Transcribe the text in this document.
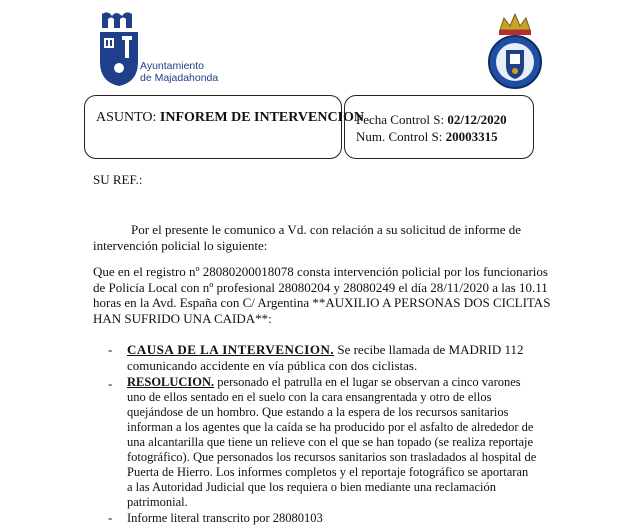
Ayuntamiento
de Majadahonda
ASUNTO: INFOREM DE INTERVENCION
Fecha Control S: 02/12/2020
Num. Control S: 20003315
SU REF.:
Por el presente le comunico a Vd. con relación a su solicitud de informe de
intervención policial lo siguiente:
Que en el registro nº 28080200018078 consta intervención policial por los funcionarios
de Policía Local con nº profesional 28080204 y 28080249 el día 28/11/2020 a las 10.11
horas en la Avd. España con C/ Argentina **AUXILIO A PERSONAS DOS CICLITAS
HAN SUFRIDO UNA CAIDA**:
- CAUSA DE LA INTERVENCION. Se recibe llamada de MADRID 112
comunicando accidente en vía pública con dos ciclistas.
- RESOLUCION. personado el patrulla en el lugar se observan a cinco varones
uno de ellos sentado en el suelo con la cara ensangrentada y otro de ellos
quejándose de un hombro. Que estando a la espera de los recursos sanitarios
informan a los agentes que la caída se ha producido por el asfalto de alrededor de
una alcantarilla que tiene un relieve con el que se han topado (se realiza reportaje
fotográfico). Que personados los recursos sanitarios son trasladados al hospital de
Puerta de Hierro. Los informes completos y el reportaje fotográfico se aportaran
a las Autoridad Judicial que los requiera o bien mediante una reclamación
patrimonial.
- Informe literal transcrito por 28080103
